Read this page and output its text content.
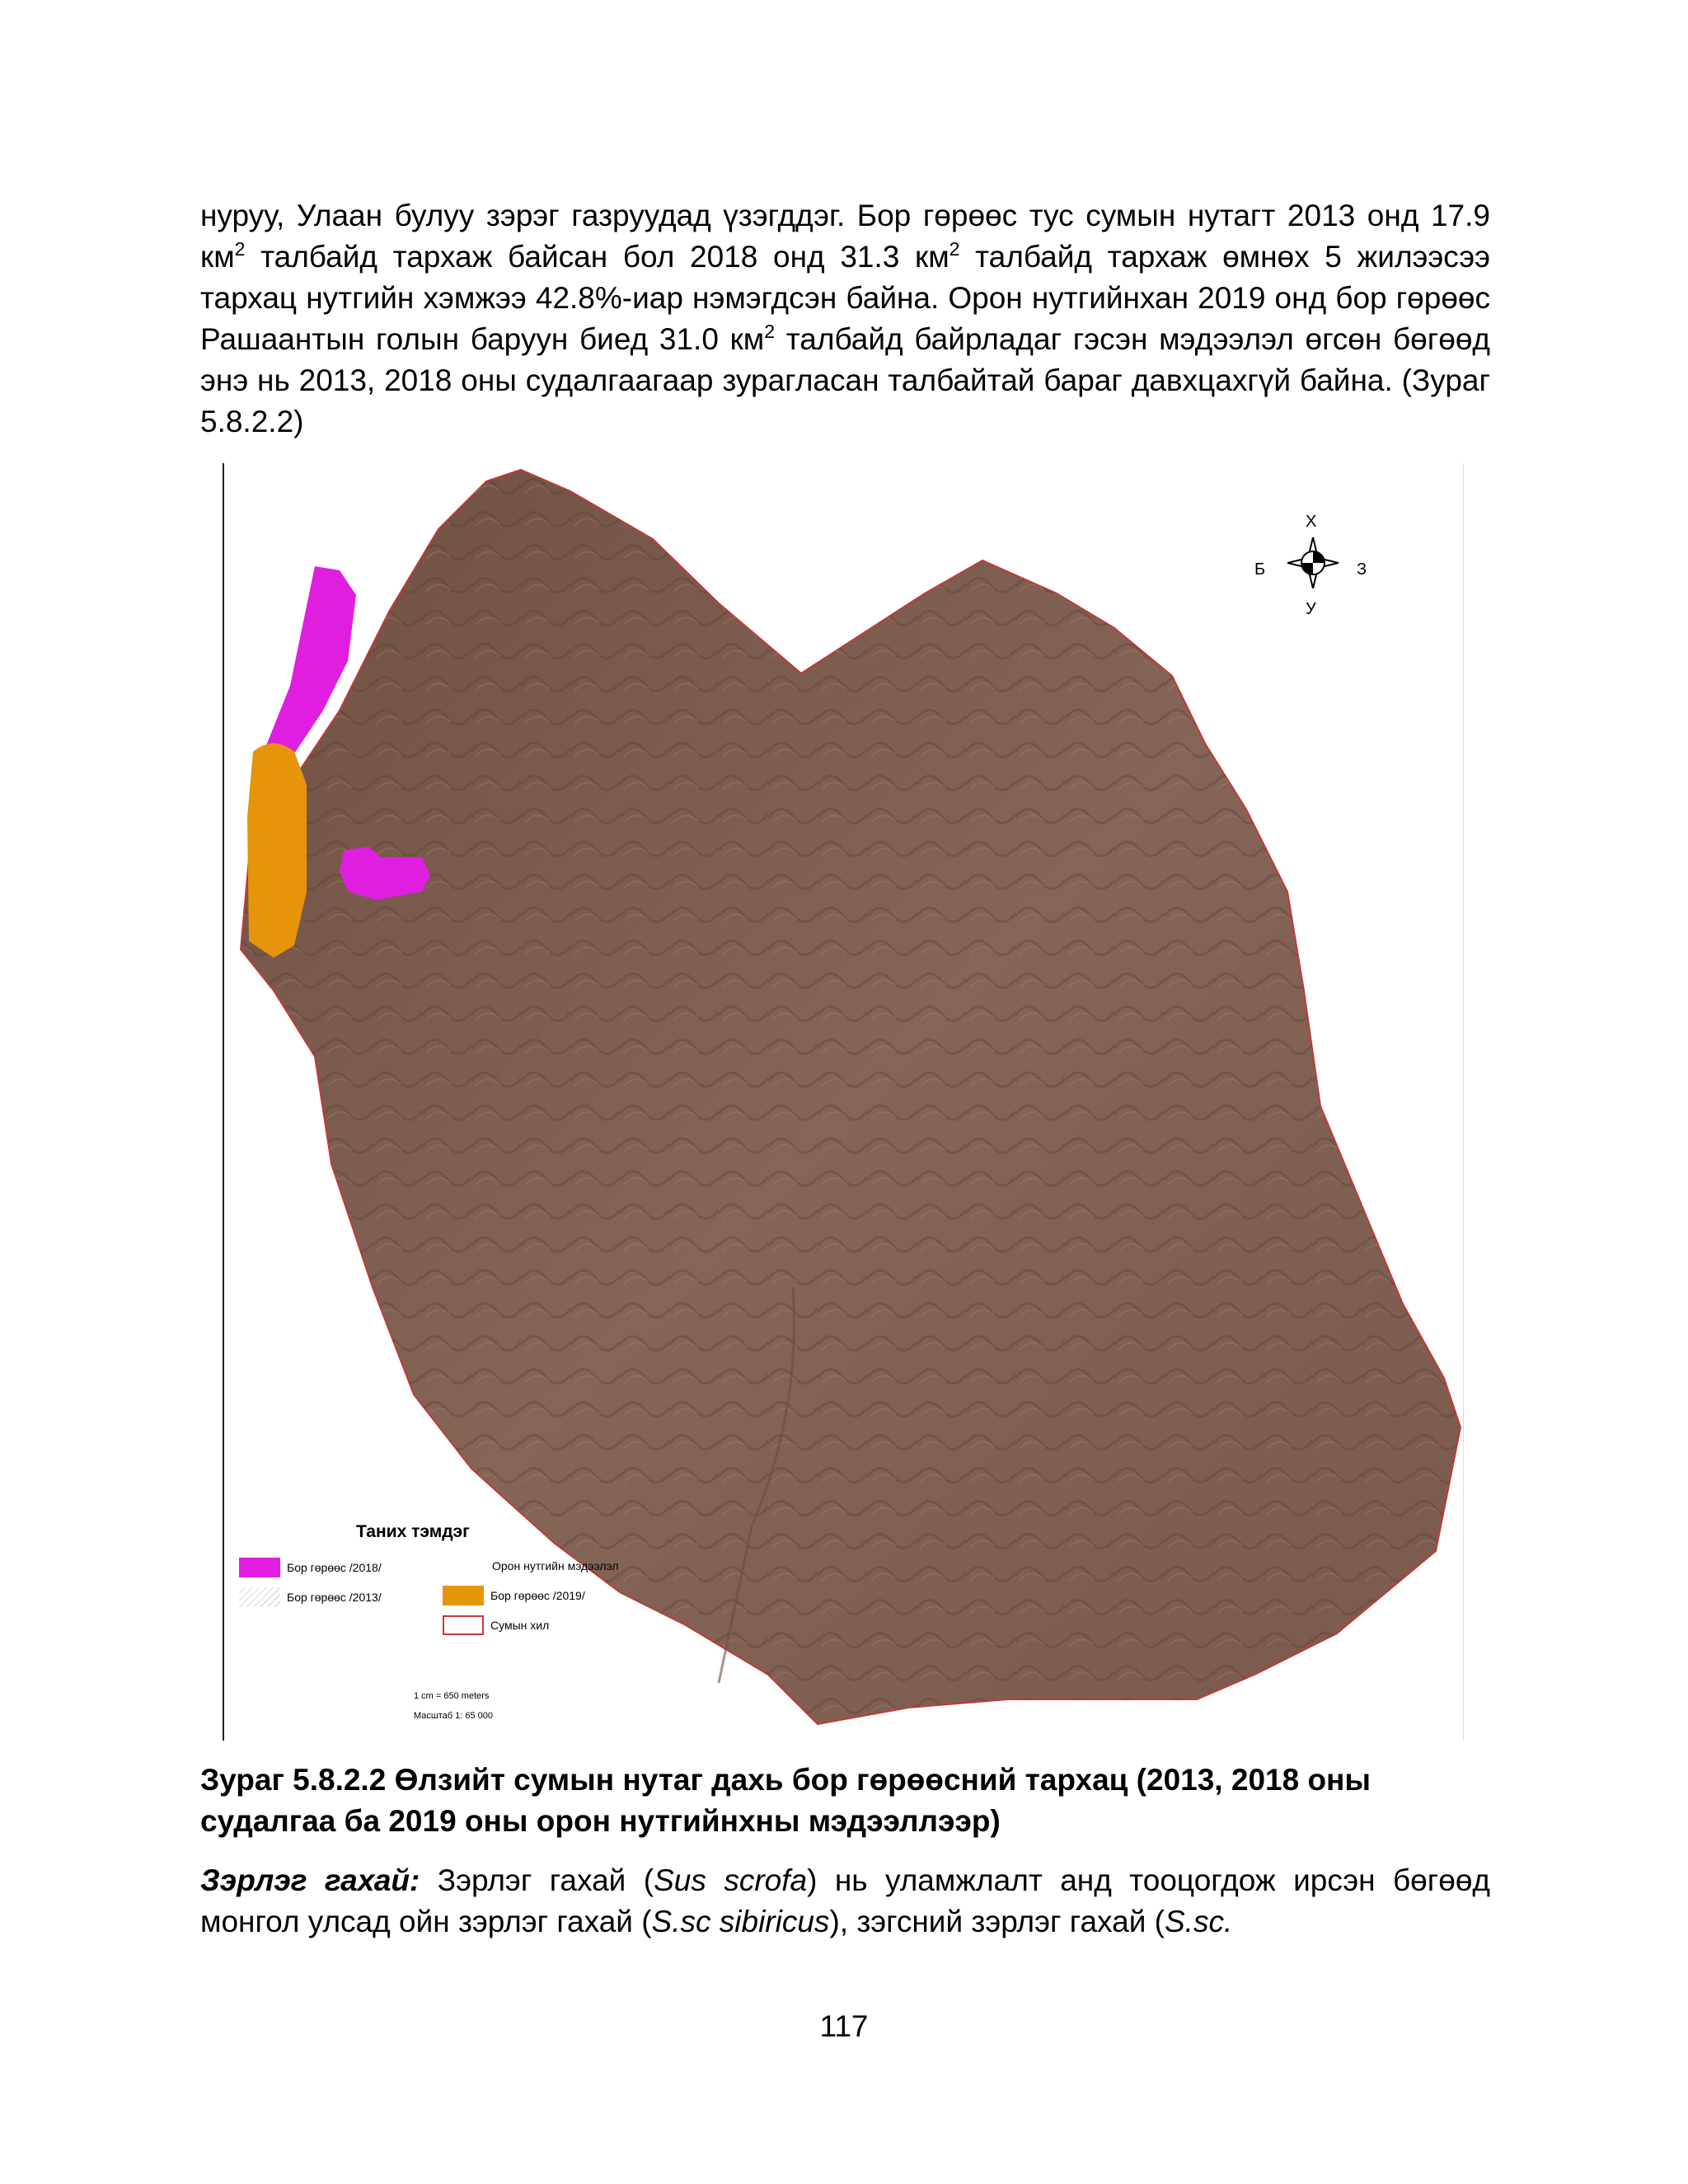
нуруу, Улаан булуу зэрэг газруудад үзэгддэг. Бор гөрөөс тус сумын нутагт 2013 онд 17.9 $км^2$ талбайд тархаж байсан бол 2018 онд 31.3 $км^2$ талбайд тархаж өмнөх 5 жилээсээ тархац нутгийн хэмжээ 42.8%-иар нэмэгдсэн байна. Орон нутгийнхан 2019 онд бор гөрөөс Рашаантын голын баруун биед 31.0 $км^2$ талбайд байрладаг гэсэн мэдээлэл өгсөн бөгөөд энэ нь 2013, 2018 оны судалгаагаар зурагласан талбайтай бараг давхцахгүй байна. (Зураг 5.8.2.2)

Х
Б	З
У
Таних тэмдэг
Бор гөрөөс /2018/
Бор гөрөөс /2013/
Орон нутгийн мэдээлэл
Бор гөрөөс /2019/
Сумын хил
1 cm = 650 meters
Масштаб 1: 65 000

Зураг 5.8.2.2 Өлзийт сумын нутаг дахь бор гөрөөсний тархац (2013, 2018 оны судалгаа ба 2019 оны орон нутгийнхны мэдээллээр)

Зэрлэг гахай: Зэрлэг гахай (Sus scrofa) нь уламжлалт анд тооцогдож ирсэн бөгөөд монгол улсад ойн зэрлэг гахай (S.sc sibiricus), зэгсний зэрлэг гахай (S.sc.

117
